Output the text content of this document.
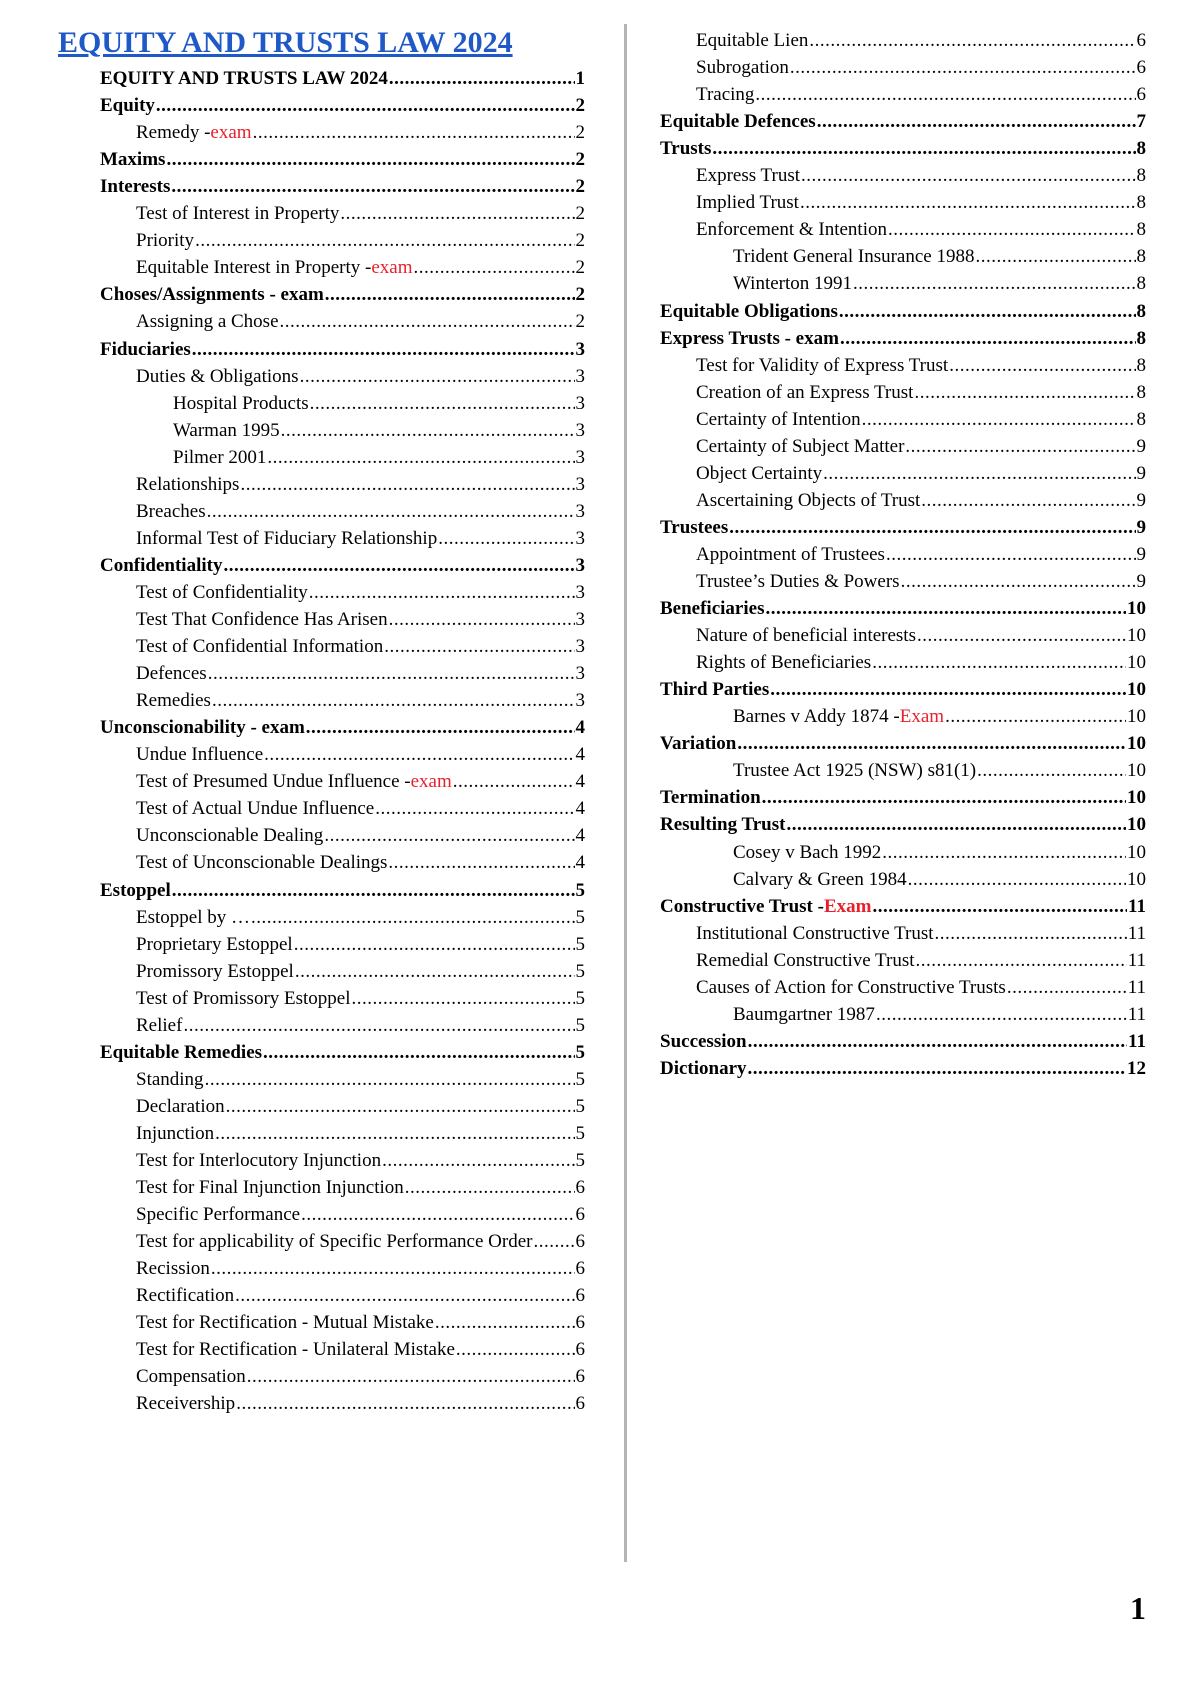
EQUITY AND TRUSTS LAW 2024
EQUITY AND TRUSTS LAW 2024 .....	1
Equity .....	2
Remedy - exam .....	2
Maxims .....	2
Interests .....	2
Test of Interest in Property .....	2
Priority .....	2
Equitable Interest in Property - exam .....	2
Choses/Assignments - exam .....	2
Assigning a Chose .....	2
Fiduciaries .....	3
Duties & Obligations .....	3
Hospital Products .....	3
Warman 1995 .....	3
Pilmer 2001 .....	3
Relationships .....	3
Breaches .....	3
Informal Test of Fiduciary Relationship .....	3
Confidentiality .....	3
Test of Confidentiality .....	3
Test That Confidence Has Arisen .....	3
Test of Confidential Information .....	3
Defences .....	3
Remedies .....	3
Unconscionability - exam .....	4
Undue Influence .....	4
Test of Presumed Undue Influence - exam .....	4
Test of Actual Undue Influence .....	4
Unconscionable Dealing .....	4
Test of Unconscionable Dealings .....	4
Estoppel .....	5
Estoppel by … .....	5
Proprietary Estoppel .....	5
Promissory Estoppel .....	5
Test of Promissory Estoppel .....	5
Relief .....	5
Equitable Remedies .....	5
Standing .....	5
Declaration .....	5
Injunction .....	5
Test for Interlocutory Injunction .....	5
Test for Final Injunction Injunction .....	6
Specific Performance .....	6
Test for applicability of Specific Performance Order ..... 6
Recission .....	6
Rectification .....	6
Test for Rectification - Mutual Mistake .....	6
Test for Rectification - Unilateral Mistake .....	6
Compensation .....	6
Receivership .....	6
Equitable Lien .....	6
Subrogation .....	6
Tracing .....	6
Equitable Defences .....	7
Trusts .....	8
Express Trust .....	8
Implied Trust .....	8
Enforcement & Intention .....	8
Trident General Insurance 1988 .....	8
Winterton 1991 .....	8
Equitable Obligations .....	8
Express Trusts - exam .....	8
Test for Validity of Express Trust .....	8
Creation of an Express Trust .....	8
Certainty of Intention .....	8
Certainty of Subject Matter .....	9
Object Certainty .....	9
Ascertaining Objects of Trust .....	9
Trustees .....	9
Appointment of Trustees .....	9
Trustee’s Duties & Powers .....	9
Beneficiaries .....	10
Nature of beneficial interests .....	10
Rights of Beneficiaries .....	10
Third Parties .....	10
Barnes v Addy 1874 - Exam .....	10
Variation .....	10
Trustee Act 1925 (NSW) s81(1) .....	10
Termination .....	10
Resulting Trust .....	10
Cosey v Bach 1992 .....	10
Calvary & Green 1984 .....	10
Constructive Trust - Exam .....	11
Institutional Constructive Trust .....	11
Remedial Constructive Trust .....	11
Causes of Action for Constructive Trusts .....	11
Baumgartner 1987 .....	11
Succession .....	11
Dictionary .....	12
1
